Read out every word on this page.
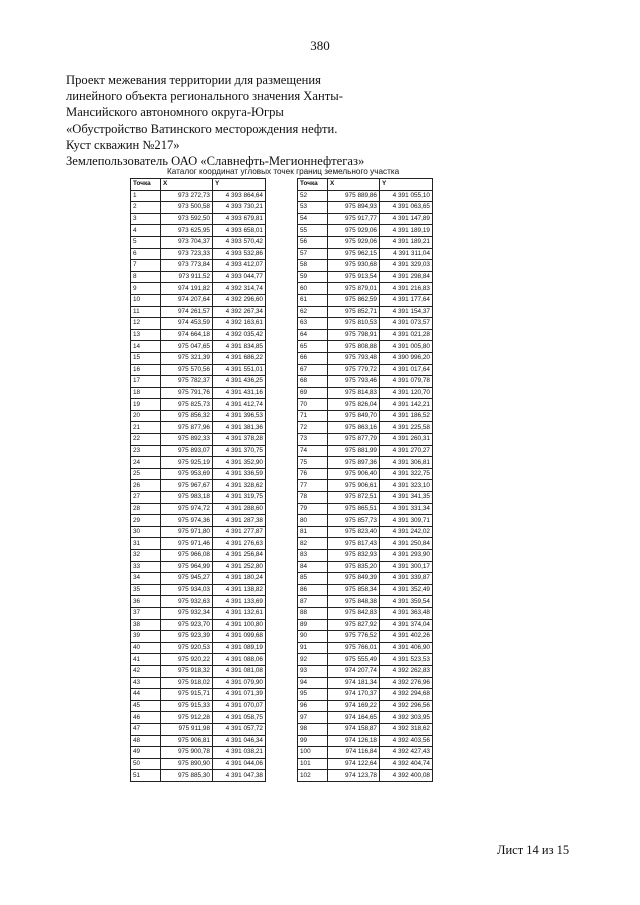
380
Проект межевания территории для размещения
линейного объекта регионального значения Ханты-
Мансийского автономного округа-Югры
«Обустройство Ватинского месторождения нефти.
Куст скважин №217»
Землепользователь ОАО «Славнефть-Мегионнефтегаз»
Каталог координат угловых точек границ земельного участка
Точка	X	Y
1	973 272,73	4 393 864,64
2	973 500,58	4 393 730,21
3	973 592,50	4 393 679,81
4	973 625,95	4 393 658,01
5	973 704,37	4 393 570,42
6	973 723,33	4 393 532,86
7	973 773,84	4 393 412,07
8	973 911,52	4 393 044,77
9	974 191,82	4 392 314,74
10	974 207,64	4 392 296,60
11	974 261,57	4 392 267,34
12	974 453,59	4 392 163,61
13	974 664,18	4 392 035,42
14	975 047,65	4 391 834,85
15	975 321,39	4 391 686,22
16	975 570,56	4 391 551,01
17	975 782,37	4 391 436,25
18	975 791,76	4 391 431,16
19	975 825,73	4 391 412,74
20	975 856,32	4 391 396,53
21	975 877,96	4 391 381,36
22	975 892,33	4 391 378,28
23	975 893,07	4 391 370,75
24	975 925,19	4 391 352,90
25	975 953,69	4 391 336,59
26	975 967,67	4 391 328,62
27	975 983,18	4 391 319,75
28	975 974,72	4 391 288,60
29	975 974,36	4 391 287,38
30	975 971,80	4 391 277,87
31	975 971,46	4 391 276,63
32	975 966,08	4 391 256,84
33	975 964,99	4 391 252,80
34	975 945,27	4 391 180,24
35	975 934,03	4 391 138,82
36	975 932,63	4 391 133,69
37	975 932,34	4 391 132,61
38	975 923,70	4 391 100,80
39	975 923,39	4 391 099,68
40	975 920,53	4 391 089,19
41	975 920,22	4 391 088,06
42	975 918,32	4 391 081,08
43	975 918,02	4 391 079,90
44	975 915,71	4 391 071,39
45	975 915,33	4 391 070,07
46	975 912,28	4 391 058,75
47	975 911,98	4 391 057,72
48	975 906,81	4 391 046,34
49	975 900,78	4 391 038,21
50	975 890,90	4 391 044,06
51	975 885,30	4 391 047,38
Точка	X	Y
52	975 889,86	4 391 055,10
53	975 894,93	4 391 063,65
54	975 917,77	4 391 147,89
55	975 929,06	4 391 189,19
56	975 929,06	4 391 189,21
57	975 962,15	4 391 311,04
58	975 930,68	4 391 329,03
59	975 913,54	4 391 298,84
60	975 879,01	4 391 216,83
61	975 862,59	4 391 177,64
62	975 852,71	4 391 154,37
63	975 810,53	4 391 073,57
64	975 798,91	4 391 021,28
65	975 808,88	4 391 005,80
66	975 793,48	4 390 996,20
67	975 779,72	4 391 017,64
68	975 793,46	4 391 079,78
69	975 814,83	4 391 120,70
70	975 826,04	4 391 142,21
71	975 849,70	4 391 186,52
72	975 863,16	4 391 225,58
73	975 877,79	4 391 260,31
74	975 881,99	4 391 270,27
75	975 897,36	4 391 306,81
76	975 906,40	4 391 322,75
77	975 906,61	4 391 323,10
78	975 872,51	4 391 341,35
79	975 865,51	4 391 331,34
80	975 857,73	4 391 309,71
81	975 823,40	4 391 242,02
82	975 817,43	4 391 250,84
83	975 832,93	4 391 293,90
84	975 835,20	4 391 300,17
85	975 849,39	4 391 339,87
86	975 858,34	4 391 352,49
87	975 848,38	4 391 359,54
88	975 842,83	4 391 363,48
89	975 827,92	4 391 374,04
90	975 776,52	4 391 402,26
91	975 766,01	4 391 406,90
92	975 555,49	4 391 523,53
93	974 207,74	4 392 262,83
94	974 181,34	4 392 276,96
95	974 170,37	4 392 294,68
96	974 169,22	4 392 296,56
97	974 164,65	4 392 303,95
98	974 158,87	4 392 318,62
99	974 126,18	4 392 403,56
100	974 116,84	4 392 427,43
101	974 122,64	4 392 404,74
102	974 123,78	4 392 400,08
Лист 14 из 15
